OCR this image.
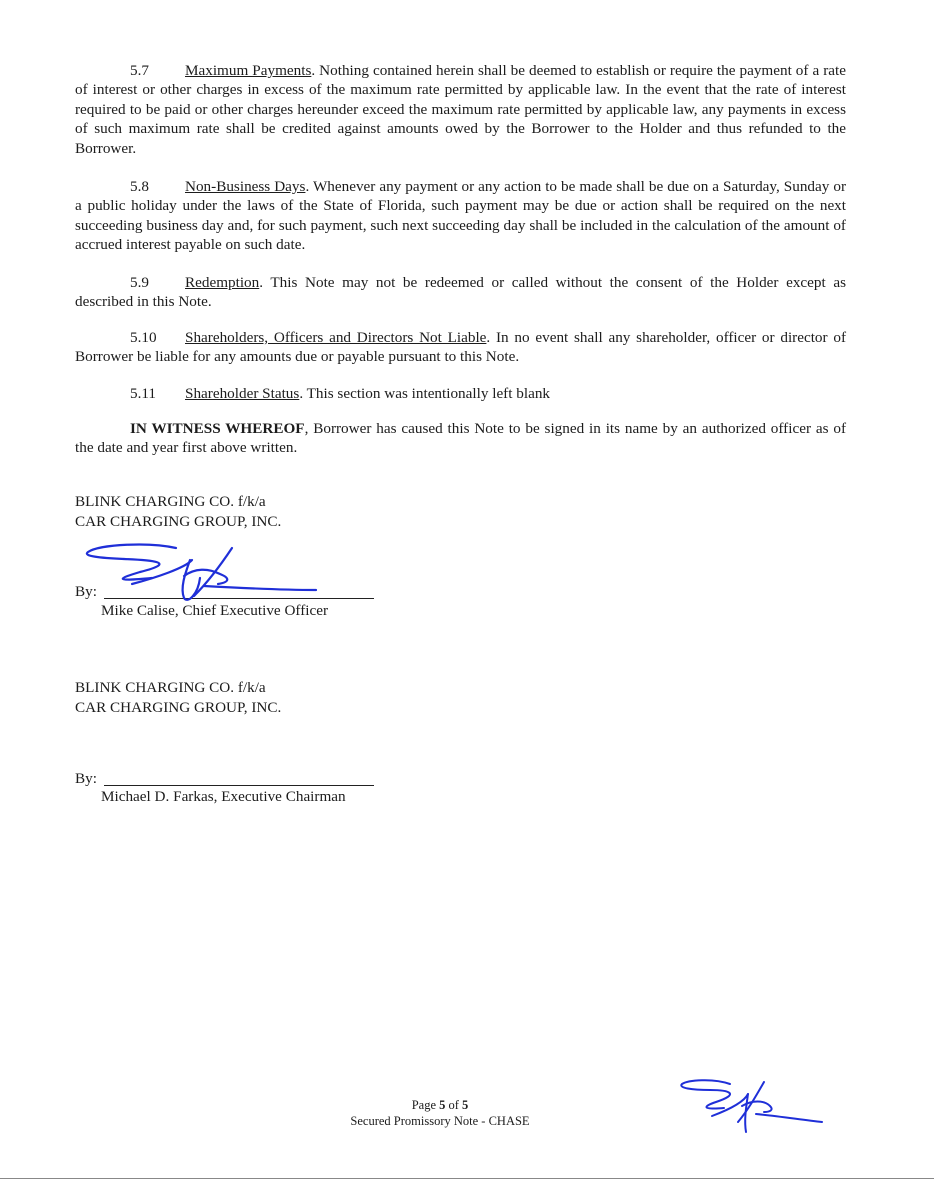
5.7 Maximum Payments. Nothing contained herein shall be deemed to establish or require the payment of a rate of interest or other charges in excess of the maximum rate permitted by applicable law. In the event that the rate of interest required to be paid or other charges hereunder exceed the maximum rate permitted by applicable law, any payments in excess of such maximum rate shall be credited against amounts owed by the Borrower to the Holder and thus refunded to the Borrower.

5.8 Non-Business Days. Whenever any payment or any action to be made shall be due on a Saturday, Sunday or a public holiday under the laws of the State of Florida, such payment may be due or action shall be required on the next succeeding business day and, for such payment, such next succeeding day shall be included in the calculation of the amount of accrued interest payable on such date.

5.9 Redemption. This Note may not be redeemed or called without the consent of the Holder except as described in this Note.

5.10 Shareholders, Officers and Directors Not Liable. In no event shall any shareholder, officer or director of Borrower be liable for any amounts due or payable pursuant to this Note.

5.11 Shareholder Status. This section was intentionally left blank

IN WITNESS WHEREOF, Borrower has caused this Note to be signed in its name by an authorized officer as of the date and year first above written.

BLINK CHARGING CO. f/k/a
CAR CHARGING GROUP, INC.
By:
Mike Calise, Chief Executive Officer
BLINK CHARGING CO. f/k/a
CAR CHARGING GROUP, INC.
By:
Michael D. Farkas, Executive Chairman
Page 5 of 5
Secured Promissory Note - CHASE
